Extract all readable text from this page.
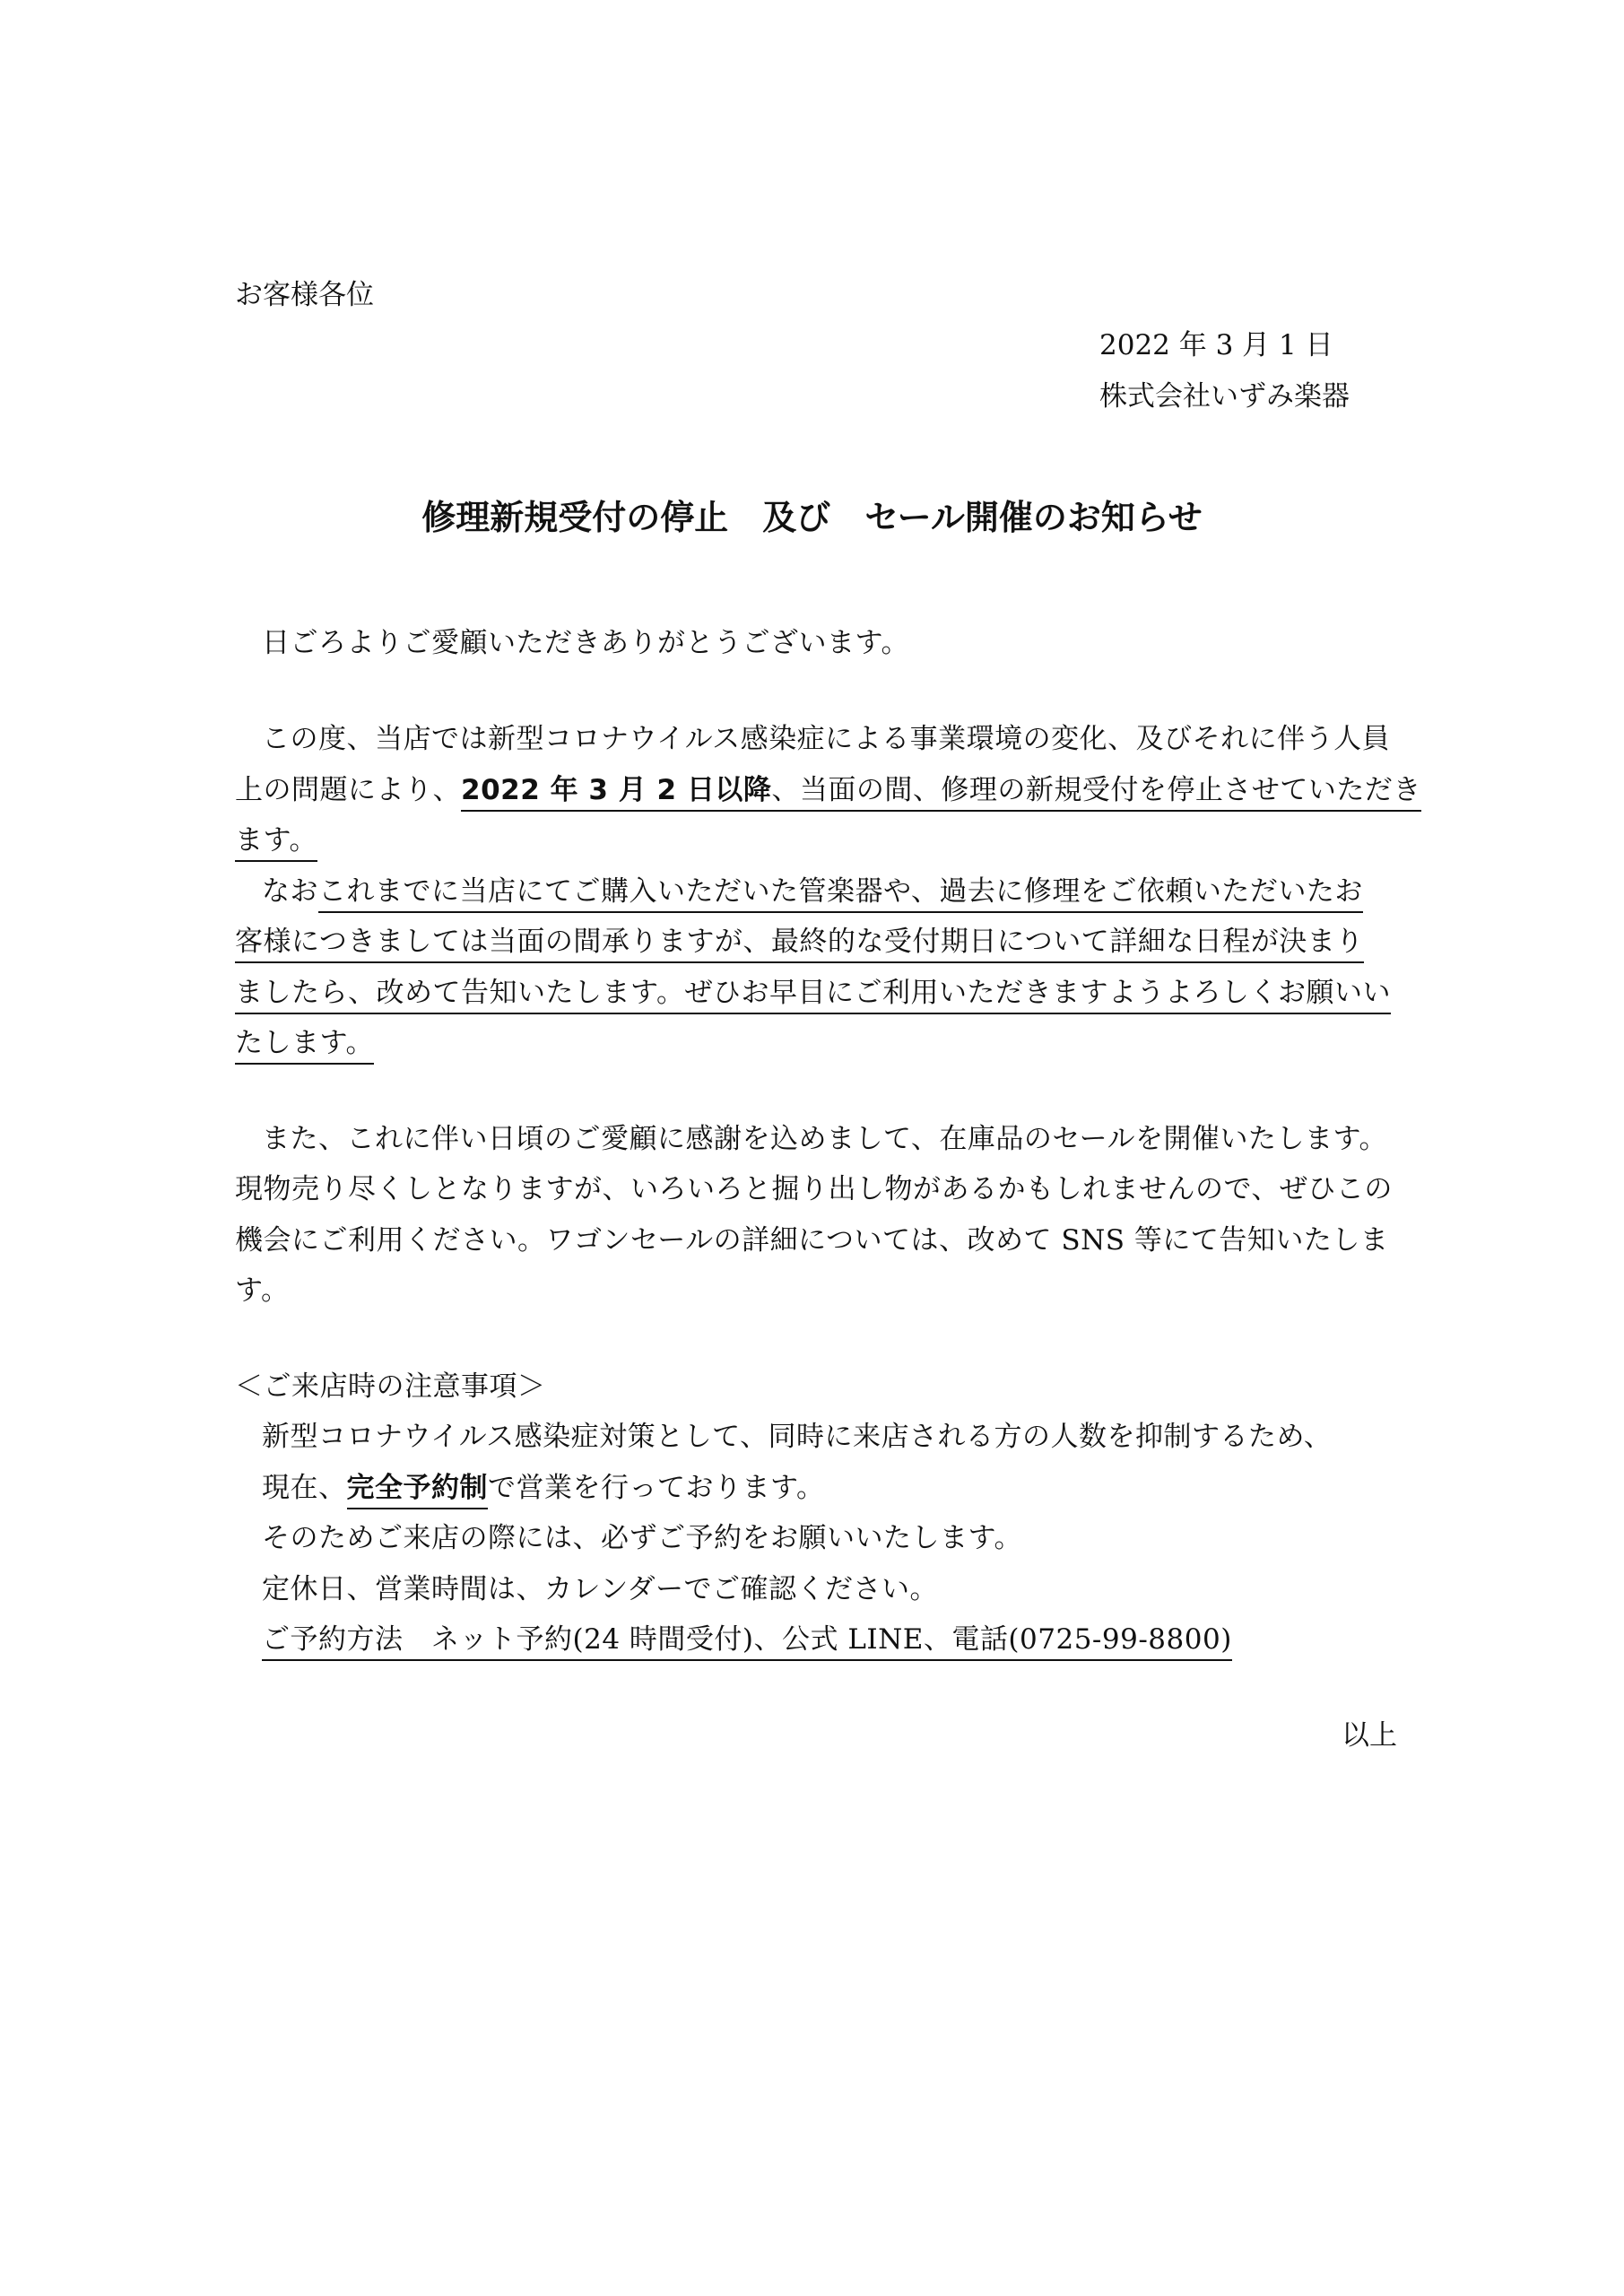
お客様各位
2022 年 3 月 1 日
株式会社いずみ楽器
修理新規受付の停止　及び　セール開催のお知らせ
日ごろよりご愛顧いただきありがとうございます。
この度、当店では新型コロナウイルス感染症による事業環境の変化、及びそれに伴う人員
上の問題により、2022 年 3 月 2 日以降、当面の間、修理の新規受付を停止させていただき
ます。
なおこれまでに当店にてご購入いただいた管楽器や、過去に修理をご依頼いただいたお
客様につきましては当面の間承りますが、最終的な受付期日について詳細な日程が決まり
ましたら、改めて告知いたします。ぜひお早目にご利用いただきますようよろしくお願いい
たします。
また、これに伴い日頃のご愛顧に感謝を込めまして、在庫品のセールを開催いたします。
現物売り尽くしとなりますが、いろいろと掘り出し物があるかもしれませんので、ぜひこの
機会にご利用ください。ワゴンセールの詳細については、改めて SNS 等にて告知いたしま
す。
＜ご来店時の注意事項＞
新型コロナウイルス感染症対策として、同時に来店される方の人数を抑制するため、
現在、完全予約制で営業を行っております。
そのためご来店の際には、必ずご予約をお願いいたします。
定休日、営業時間は、カレンダーでご確認ください。
ご予約方法　ネット予約(24 時間受付)、公式 LINE、電話(0725-99-8800)
以上
